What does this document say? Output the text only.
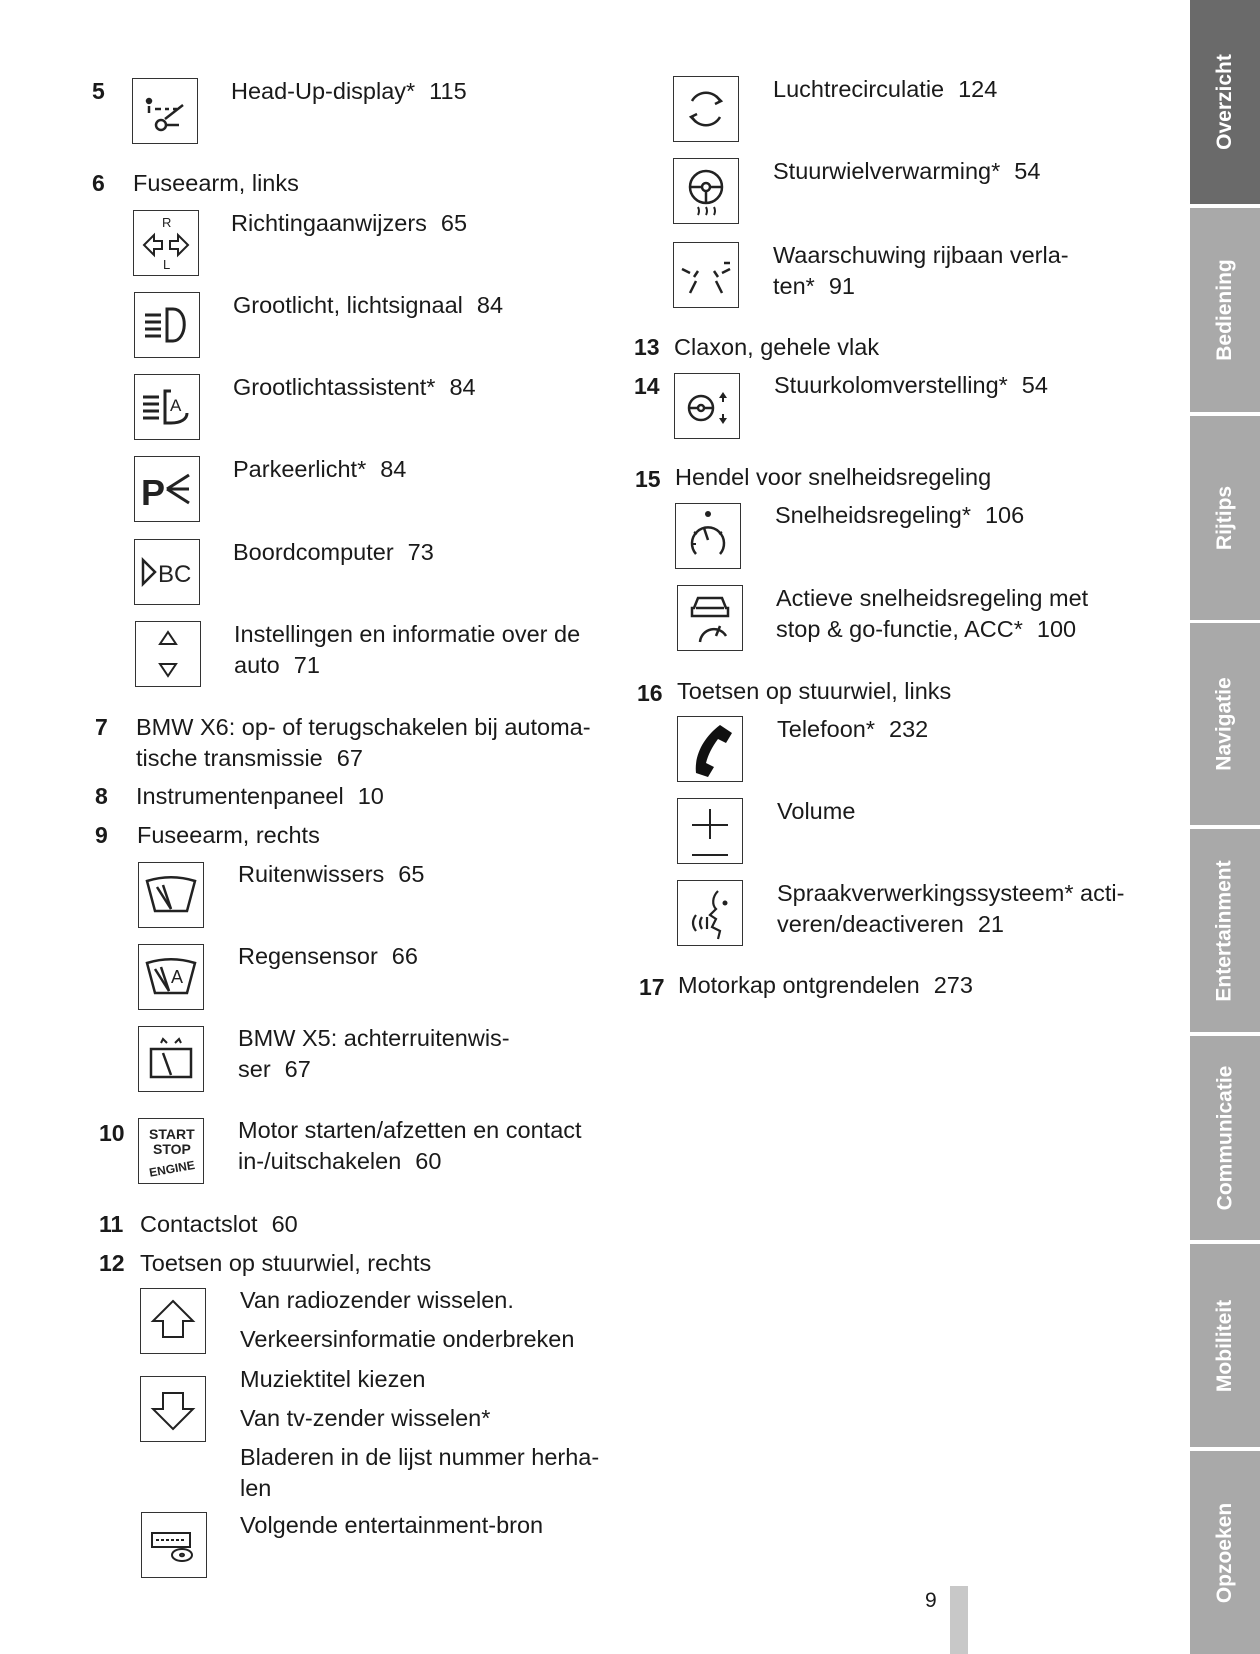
5	Head-Up-display* 115
6 Fuseearm, links
R
L
Richtingaanwijzers 65
Grootlicht, lichtsignaal 84
A
Grootlichtassistent* 84
P
Parkeerlicht* 84
BC
Boordcomputer 73
Instellingen en informatie over de
auto 71
7 BMW X6: op- of terugschakelen bij automa-
tische transmissie 67
8 Instrumentenpaneel 10
9 Fuseearm, rechts
Ruitenwissers 65
A
Regensensor 66
BMW X5: achterruitenwis-
ser 67
10 START
STOP
ENGINE
Motor starten/afzetten en contact
in-/uitschakelen 60
11 Contactslot 60
12 Toetsen op stuurwiel, rechts
Van radiozender wisselen.
Verkeersinformatie onderbreken
Muziektitel kiezen
Van tv-zender wisselen*
Bladeren in de lijst nummer herha-
len
Volgende entertainment-bron
Luchtrecirculatie 124
Stuurwielverwarming* 54
Waarschuwing rijbaan verla-
ten* 91
13 Claxon, gehele vlak
14	Stuurkolomverstelling* 54
15 Hendel voor snelheidsregeling
Snelheidsregeling* 106
Actieve snelheidsregeling met
stop & go-functie, ACC* 100
16 Toetsen op stuurwiel, links
Telefoon* 232
Volume
Spraakverwerkingssysteem* acti-
veren/deactiveren 21
17 Motorkap ontgrendelen 273
Overzicht
Bediening
Rijtips
Navigatie
Entertainment
Communicatie
Mobiliteit
Opzoeken
9
